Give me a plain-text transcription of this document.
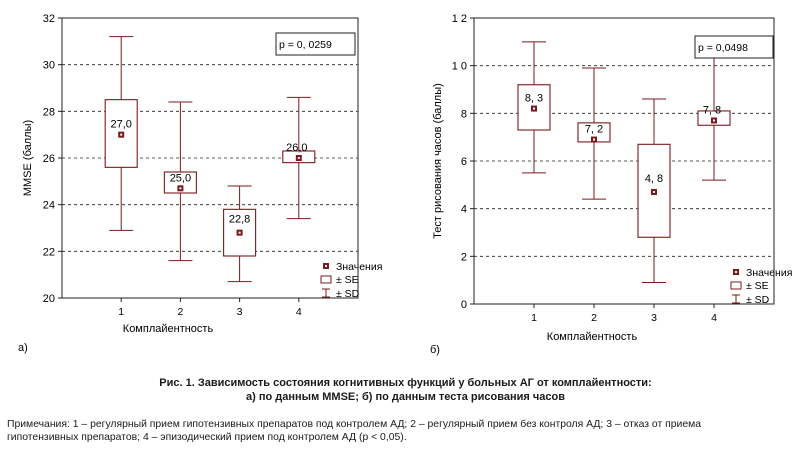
20
22
24
26
28
30
32
1	2	3	4
27,0
25,0
22,8
26,0
р = 0, 0259
Значения
± SE
± SD
MMSE (баллы)
Комплайентность
а)
0
2
4
6
8
1 0
1 2
1	2	3	4
8, 3
7, 2
4, 8
7, 8
р = 0,0498
Значения
± SE
± SD
Тест рисования часов (баллы)
Комплайентность
б)
Рис. 1. Зависимость состояния когнитивных функций у больных АГ от комплайентности:
а) по данным MMSE; б) по данным теста рисования часов
Примечания: 1 – регулярный прием гипотензивных препаратов под контролем АД; 2 – регулярный прием без контроля АД; 3 – отказ от приема
гипотензивных препаратов; 4 – эпизодический прием под контролем АД (р < 0,05).
